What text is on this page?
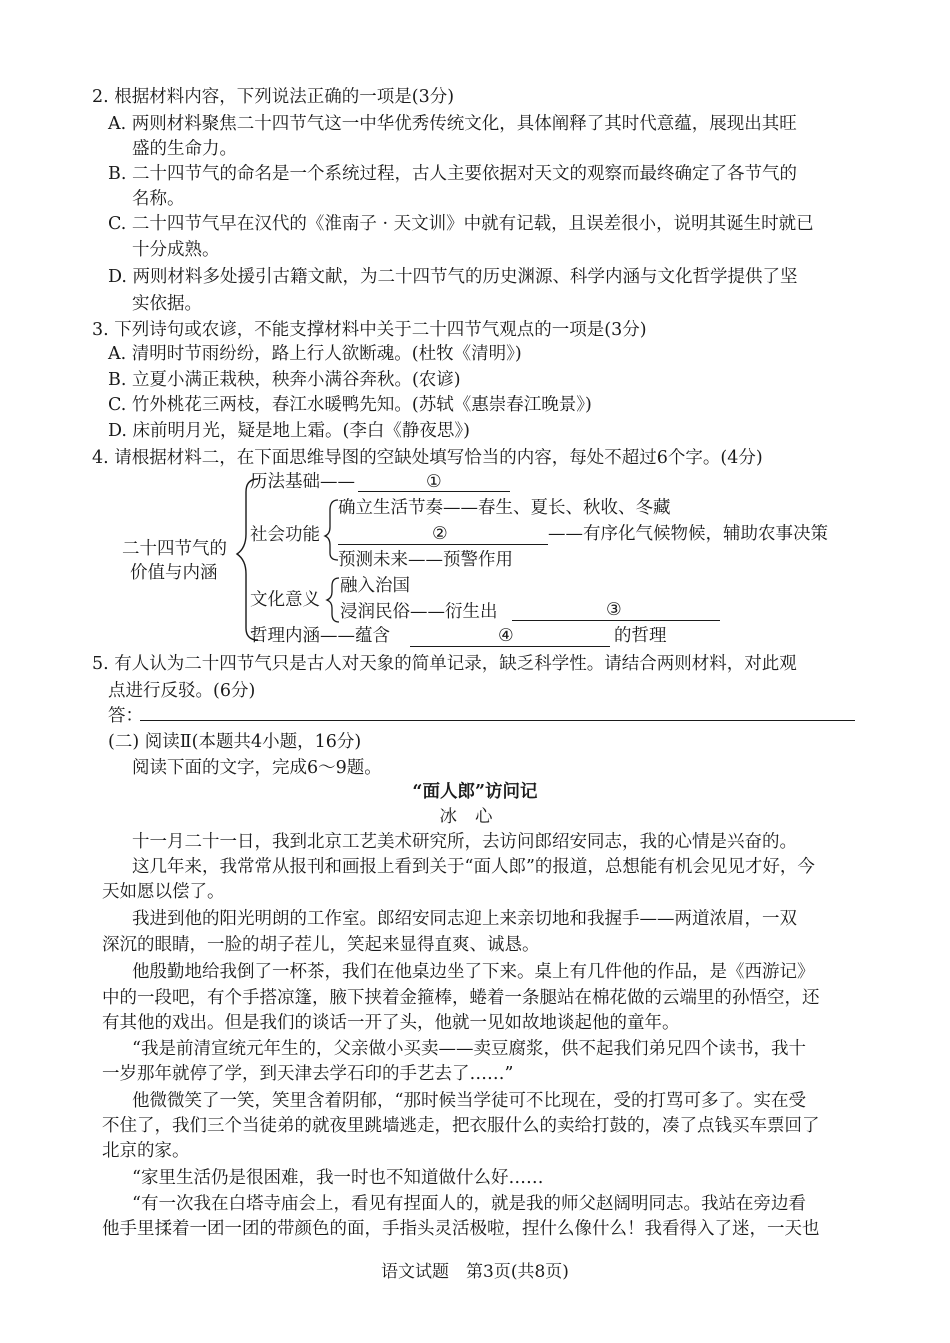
2. 根据材料内容，下列说法正确的一项是(3分)
A. 两则材料聚焦二十四节气这一中华优秀传统文化，具体阐释了其时代意蕴，展现出其旺
盛的生命力。
B. 二十四节气的命名是一个系统过程，古人主要依据对天文的观察而最终确定了各节气的
名称。
C. 二十四节气早在汉代的《淮南子 · 天文训》中就有记载，且误差很小，说明其诞生时就已
十分成熟。
D. 两则材料多处援引古籍文献，为二十四节气的历史渊源、科学内涵与文化哲学提供了坚
实依据。
3. 下列诗句或农谚，不能支撑材料中关于二十四节气观点的一项是(3分)
A. 清明时节雨纷纷，路上行人欲断魂。(杜牧《清明》)
B. 立夏小满正栽秧，秧奔小满谷奔秋。(农谚)
C. 竹外桃花三两枝，春江水暖鸭先知。(苏轼《惠崇春江晚景》)
D. 床前明月光，疑是地上霜。(李白《静夜思》)
4. 请根据材料二，在下面思维导图的空缺处填写恰当的内容，每处不超过6个字。(4分)
二十四节气的
价值与内涵
历法基础——	①
社会功能
确立生活节奏——春生、夏长、秋收、冬藏
②	——有序化气候物候，辅助农事决策
预测未来——预警作用
文化意义
融入治国
浸润民俗——衍生出	③
哲理内涵——蕴含	④	的哲理
5. 有人认为二十四节气只是古人对天象的简单记录，缺乏科学性。请结合两则材料，对此观
点进行反驳。(6分)
答：
(二) 阅读Ⅱ(本题共4小题，16分)
阅读下面的文字，完成6～9题。
“面人郎”访问记
冰心
十一月二十一日，我到北京工艺美术研究所，去访问郎绍安同志，我的心情是兴奋的。
这几年来，我常常从报刊和画报上看到关于“面人郎”的报道，总想能有机会见见才好，今
天如愿以偿了。
我进到他的阳光明朗的工作室。郎绍安同志迎上来亲切地和我握手——两道浓眉，一双
深沉的眼睛，一脸的胡子茬儿，笑起来显得直爽、诚恳。
他殷勤地给我倒了一杯茶，我们在他桌边坐了下来。桌上有几件他的作品，是《西游记》
中的一段吧，有个手搭凉篷，腋下挟着金箍棒，蜷着一条腿站在棉花做的云端里的孙悟空，还
有其他的戏出。但是我们的谈话一开了头，他就一见如故地谈起他的童年。
“我是前清宣统元年生的，父亲做小买卖——卖豆腐浆，供不起我们弟兄四个读书，我十
一岁那年就停了学，到天津去学石印的手艺去了……”
他微微笑了一笑，笑里含着阴郁，“那时候当学徒可不比现在，受的打骂可多了。实在受
不住了，我们三个当徒弟的就夜里跳墙逃走，把衣服什么的卖给打鼓的，凑了点钱买车票回了
北京的家。
“家里生活仍是很困难，我一时也不知道做什么好……
“有一次我在白塔寺庙会上，看见有捏面人的，就是我的师父赵阔明同志。我站在旁边看
他手里揉着一团一团的带颜色的面，手指头灵活极啦，捏什么像什么！我看得入了迷，一天也
语文试题　第3页(共8页)
